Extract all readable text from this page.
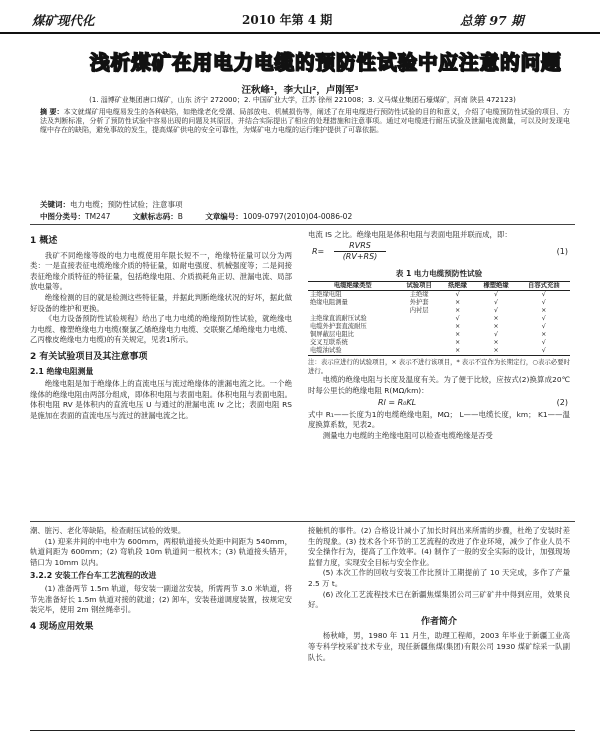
煤矿现代化	2010 年第 4 期	总第 97 期
浅析煤矿在用电力电缆的预防性试验中应注意的问题
汪秋峰¹，李大山²，卢刚军³
(1. 淄博矿业集团唐口煤矿，山东 济宁 272000；2. 中国矿业大学，江苏 徐州 221008；3. 义马煤业集团石壕煤矿，河南 陕县 472123)
摘 要：本文就煤矿用电缆易发生的各种缺陷，如绝缘老化受潮、局部放电、机械损伤等，阐述了在用电缆进行预防性试验的目的和意义，介绍了电缆预防性试验的项目、方法及判断标准，分析了预防性试验中容易出现的问题及其原因，并结合实际提出了相应的处理措施和注意事项。通过对电缆进行耐压试验及泄漏电流测量，可以及时发现电缆中存在的缺陷，避免事故的发生，提高煤矿供电的安全可靠性，为煤矿电力电缆的运行维护提供了可靠依据。
关键词：电力电缆；预防性试验；注意事项
中图分类号：TM247	文献标志码：B	文章编号：1009-0797(2010)04-0086-02
1 概述

我矿不同绝缘等级的电力电缆使用年限长短不一，绝缘特征量可以分为两类：一是直接表征电缆绝缘介质的特征量，如耐电强度、机械强度等；二是间接表征绝缘介质特征的特征量，包括绝缘电阻、介质损耗角正切、泄漏电流、局部放电量等。

绝缘检测的目的就是检测这些特征量，并据此判断绝缘状况的好坏，据此做好设备的维护和更换。

《电力设备预防性试验规程》给出了电力电缆的绝缘预防性试验，就绝缘电力电缆、橡塑绝缘电力电缆(聚氯乙烯绝缘电力电缆、交联聚乙烯绝缘电力电缆、乙丙橡皮绝缘电力电缆)的有关规定，见表1所示。

2 有关试验项目及其注意事项
2.1 绝缘电阻测量

绝缘电阻是加于绝缘体上的直流电压与流过绝缘体的泄漏电流之比。一个绝缘体的绝缘电阻由两部分组成，即体积电阻与表面电阻。体积电阻与表面电阻。体积电阻 RV 是体积内的直流电压 U 与通过的泄漏电流 Iv 之比；表面电阻 RS 是施加在表面的直流电压与流过的泄漏电流之比。

电流 IS 之比。绝缘电阻是体积电阻与表面电阻并联而成，即：

R=
RVRS
(RV+RS)
(1)
表 1 电力电缆预防性试验
电缆绝缘类型	试验项目	纸绝缘	橡塑绝缘	自容式充油
主绝缘电阻	主绝缘	√	√	√
绝缘电阻测量	外护套	×	√	√
	内衬层	×	√	×
主绝缘直流耐压试验		√	×	√
电缆外护套直流耐压		×	×	√
铜屏蔽层电阻比		×	√	×
交叉互联系统		×	×	√
电缆油试验		×	×	√
注：表示应进行的试验项目，× 表示不进行该项目，* 表示不宜作为长期定行，○表示必要时进行。

电缆的绝缘电阻与长度及温度有关。为了便于比较，应按式(2)换算成20℃时每公里长的绝缘电阻 R(MΩ/km)：

Rl = R₀KL	(2)

式中 R₁——长度为1的电缆绝缘电阻，MΩ； L——电缆长度，km； K1——温度换算系数，见表2。

测量电力电缆的主绝缘电阻可以检查电缆绝缘是否受

潮、脏污、老化等缺陷，检查耐压试验的效果。

(1) 迎来井间的中电中为 600mm，两根轨道接头处距中间距为 540mm，轨道间距为 600mm；(2) 弯轨段 10m 轨道间一根枕木；(3) 轨道接头错开，错口为 10mm 以内。

3.2.2 安装工作台车工艺流程的改进

(1) 准备两节 1.5m 轨道，每安装一副道岔安装，所需两节 3.0 米轨道，将节先准备好长 1.5m 轨道对接的就道；(2) 卸车，安装巷道调度装置，按规定安装完毕，使用 2m 钢丝绳牵引。

4 现场应用效果

接触机的事件。(2) 合格设计减小了加长时间出来所需的步骤，杜绝了安装时差生的现象。(3) 技术各个环节的工艺流程的改进了作业环境，减少了作业人员不安全操作行为，提高了工作效率。(4) 制作了一般的安全实际的设计，加强现场监督力度，实现安全目标与安全作业。

(5) 本次工作的回收与安装工作比预计工期提前了 10 天完成，多作了产量 2.5 万 t。

(6) 改化工艺流程技术已在新疆焦煤集团公司三矿矿井中得到应用，效果良好。

作者简介

杨秋峰，男，1980 年 11 月生，助理工程师，2003 年毕业于新疆工业高等专科学校采矿技术专业，现任新疆焦煤(集团)有限公司 1930 煤矿综采一队副队长。
